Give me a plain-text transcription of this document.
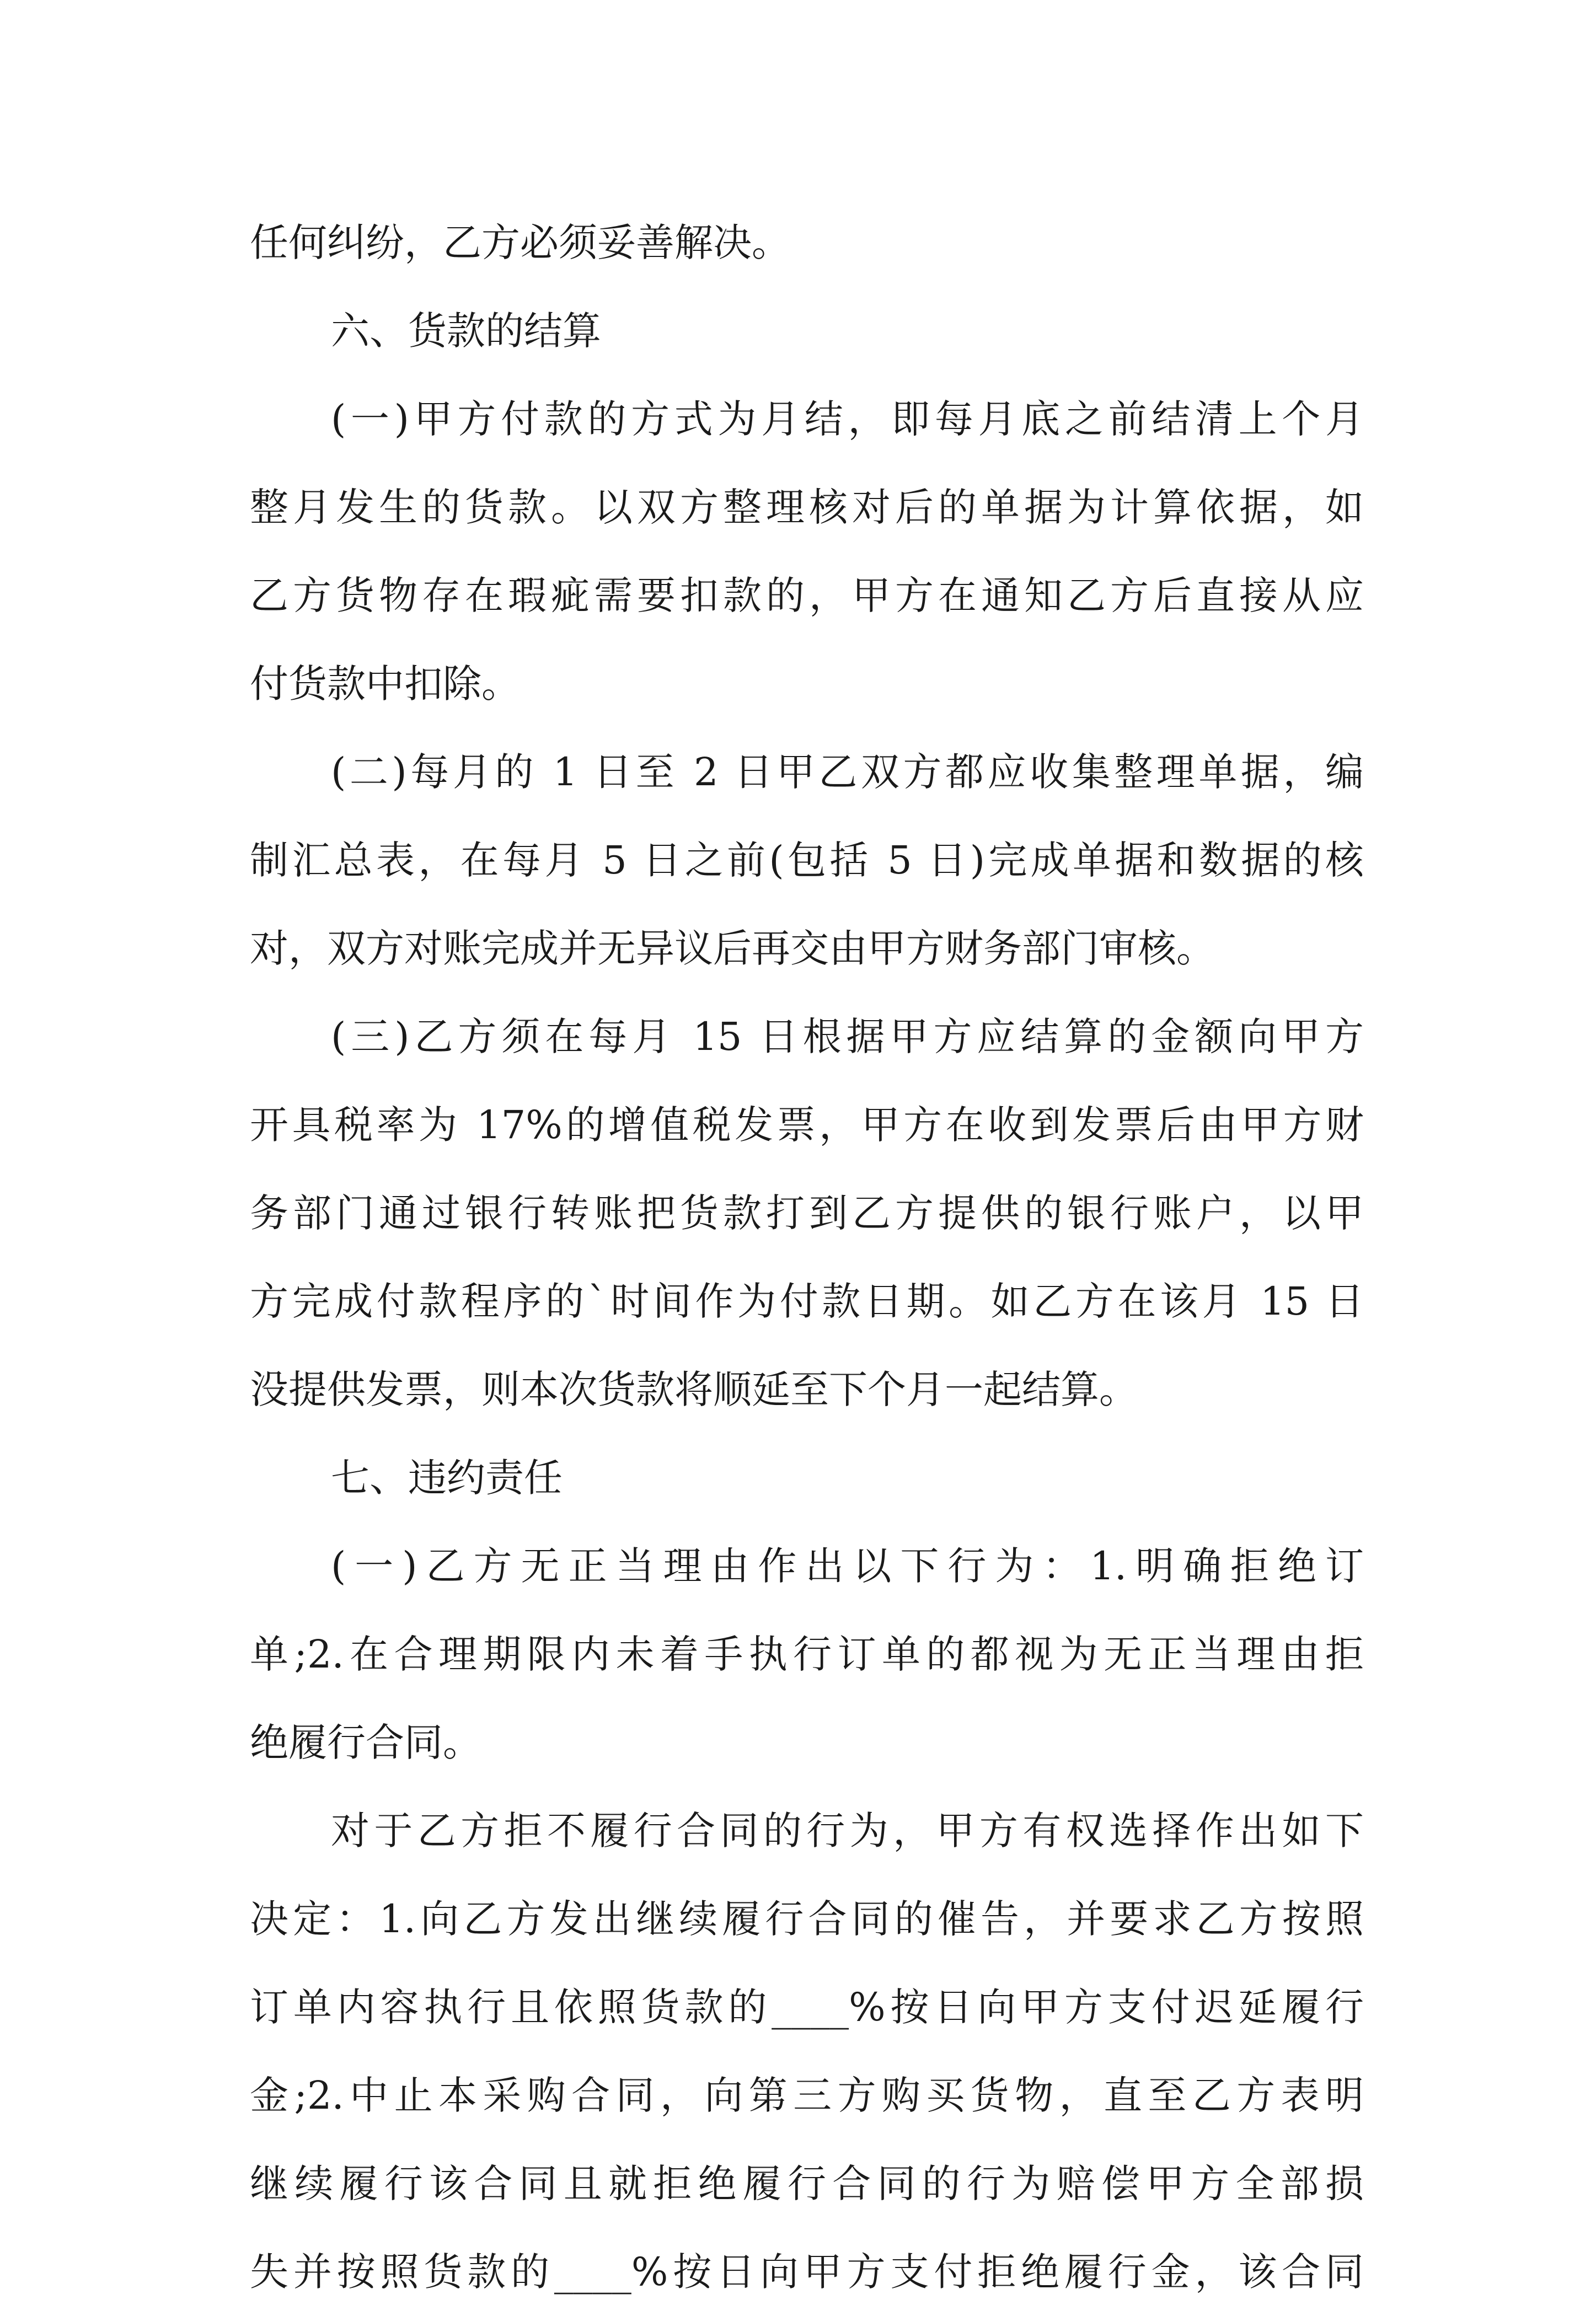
任何纠纷，乙方必须妥善解决。
六、货款的结算
(一)甲方付款的方式为月结，即每月底之前结清上个月
整月发生的货款。以双方整理核对后的单据为计算依据，如
乙方货物存在瑕疵需要扣款的，甲方在通知乙方后直接从应
付货款中扣除。
(二)每月的 1 日至 2 日甲乙双方都应收集整理单据，编
制汇总表，在每月 5 日之前(包括 5 日)完成单据和数据的核
对，双方对账完成并无异议后再交由甲方财务部门审核。
(三)乙方须在每月 15 日根据甲方应结算的金额向甲方
开具税率为 17%的增值税发票，甲方在收到发票后由甲方财
务部门通过银行转账把货款打到乙方提供的银行账户，以甲
方完成付款程序的`时间作为付款日期。如乙方在该月 15 日
没提供发票，则本次货款将顺延至下个月一起结算。
七、违约责任
(一)乙方无正当理由作出以下行为：1.明确拒绝订
单;2.在合理期限内未着手执行订单的都视为无正当理由拒
绝履行合同。
对于乙方拒不履行合同的行为，甲方有权选择作出如下
决定：1.向乙方发出继续履行合同的催告，并要求乙方按照
订单内容执行且依照货款的____%按日向甲方支付迟延履行
金;2.中止本采购合同，向第三方购买货物，直至乙方表明
继续履行该合同且就拒绝履行合同的行为赔偿甲方全部损
失并按照货款的____%按日向甲方支付拒绝履行金，该合同
